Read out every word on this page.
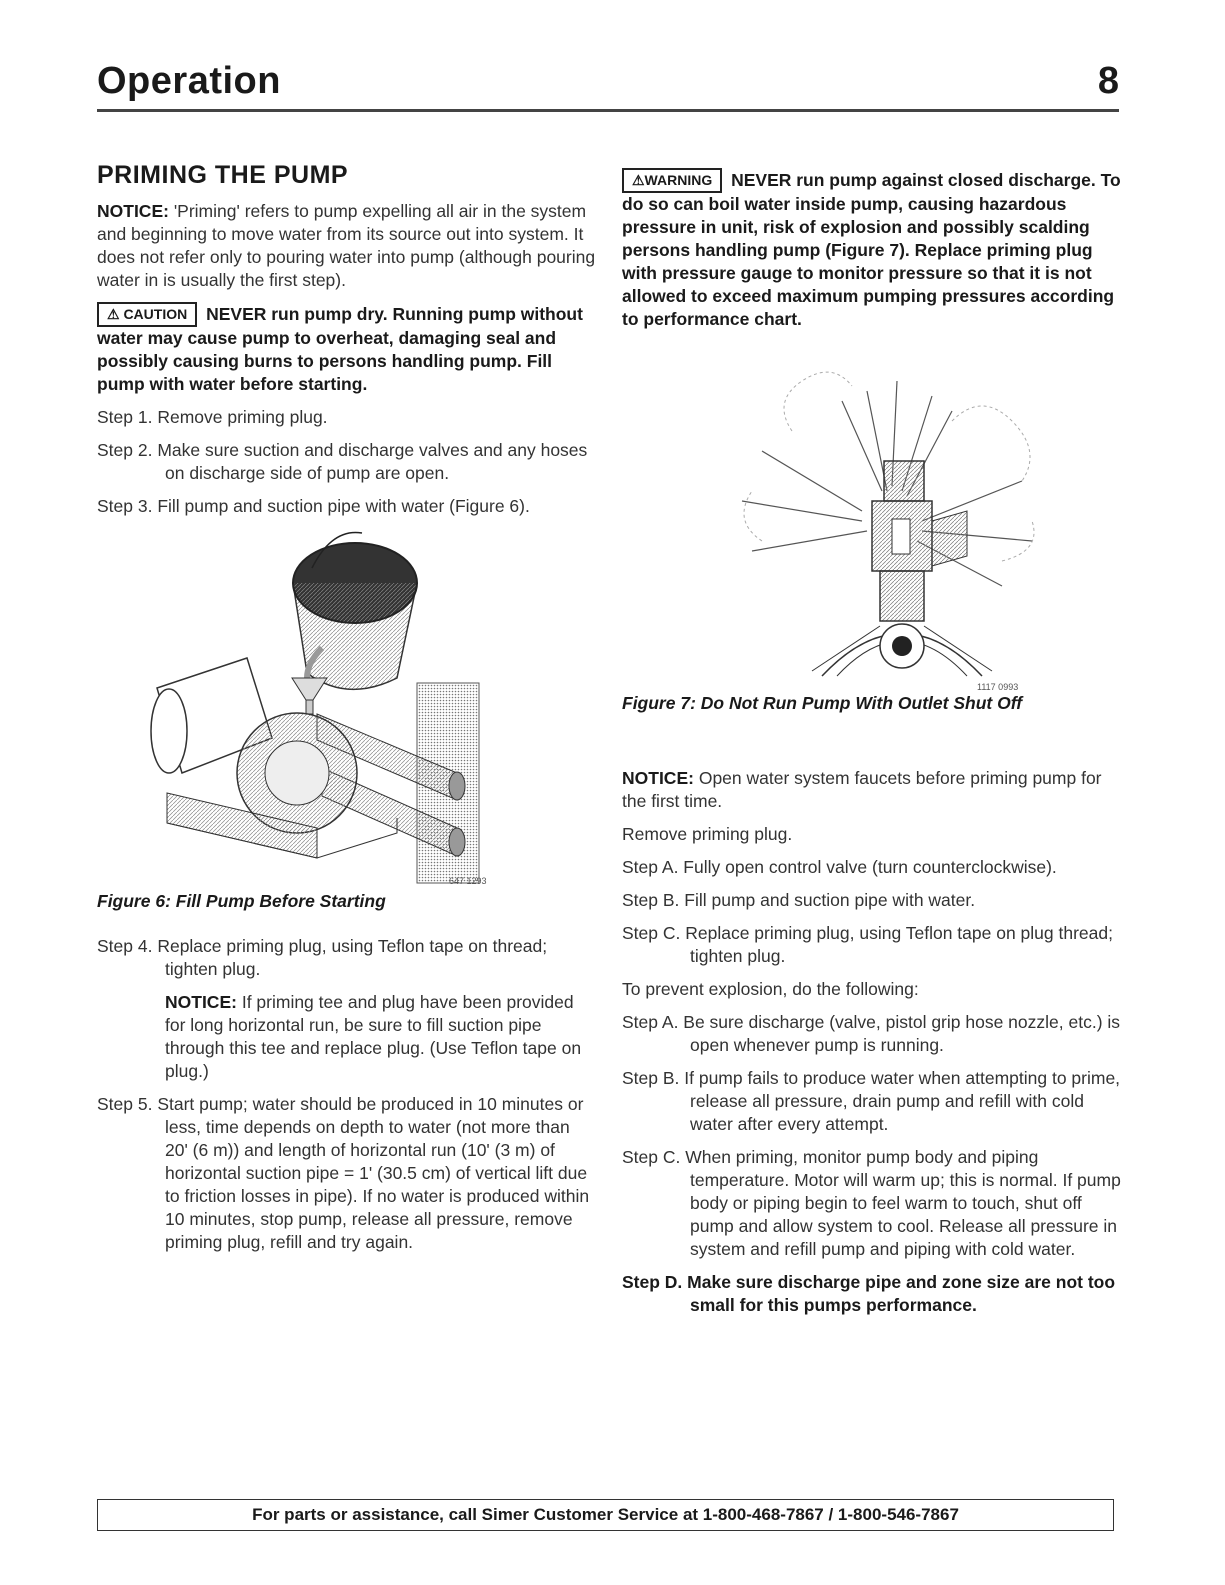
Operation	8
PRIMING THE PUMP

NOTICE: 'Priming' refers to pump expelling all air in the system and beginning to move water from its source out into system. It does not refer only to pouring water into pump (although pouring water in is usually the first step).

⚠ CAUTION NEVER run pump dry. Running pump without water may cause pump to overheat, damaging seal and possibly causing burns to persons handling pump. Fill pump with water before starting.

Step 1. Remove priming plug.

Step 2. Make sure suction and discharge valves and any hoses on discharge side of pump are open.

Step 3. Fill pump and suction pipe with water (Figure 6).

647 1293

Figure 6: Fill Pump Before Starting

Step 4. Replace priming plug, using Teflon tape on thread; tighten plug.

NOTICE: If priming tee and plug have been provided for long horizontal run, be sure to fill suction pipe through this tee and replace plug. (Use Teflon tape on plug.)

Step 5. Start pump; water should be produced in 10 minutes or less, time depends on depth to water (not more than 20' (6 m)) and length of horizontal run (10' (3 m) of horizontal suction pipe = 1' (30.5 cm) of vertical lift due to friction losses in pipe). If no water is produced within 10 minutes, stop pump, release all pressure, remove priming plug, refill and try again.

⚠WARNING NEVER run pump against closed discharge. To do so can boil water inside pump, causing hazardous pressure in unit, risk of explosion and possibly scalding persons handling pump (Figure 7). Replace priming plug with pressure gauge to monitor pressure so that it is not allowed to exceed maximum pumping pressures according to performance chart.

1117 0993

Figure 7: Do Not Run Pump With Outlet Shut Off

NOTICE: Open water system faucets before priming pump for the first time.

Remove priming plug.

Step A. Fully open control valve (turn counterclockwise).

Step B. Fill pump and suction pipe with water.

Step C. Replace priming plug, using Teflon tape on plug thread; tighten plug.

To prevent explosion, do the following:

Step A. Be sure discharge (valve, pistol grip hose nozzle, etc.) is open whenever pump is running.

Step B. If pump fails to produce water when attempting to prime, release all pressure, drain pump and refill with cold water after every attempt.

Step C. When priming, monitor pump body and piping temperature. Motor will warm up; this is normal. If pump body or piping begin to feel warm to touch, shut off pump and allow system to cool. Release all pressure in system and refill pump and piping with cold water.

Step D. Make sure discharge pipe and zone size are not too small for this pumps performance.

For parts or assistance, call Simer Customer Service at 1-800-468-7867 / 1-800-546-7867
